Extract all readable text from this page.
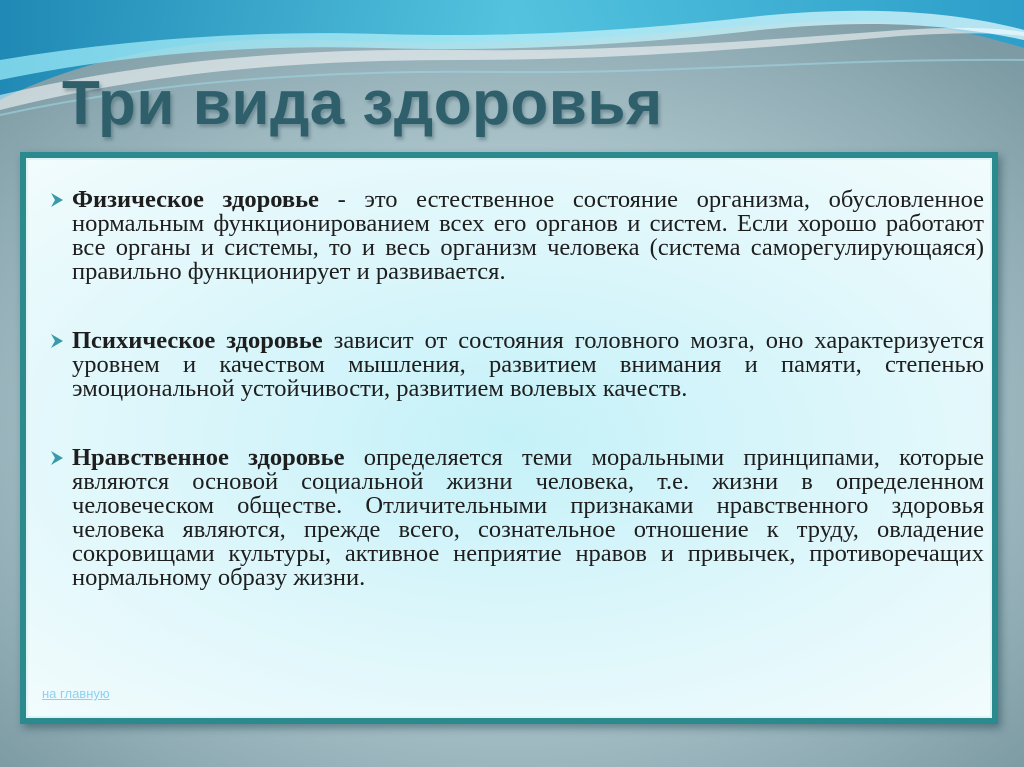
Три вида здоровья

Физическое здоровье - это естественное состояние организма, обусловленное нормальным функционированием всех его органов и систем. Если хорошо работают все органы и системы, то и весь организм человека (система саморегулирующаяся) правильно функционирует и развивается.

Психическое здоровье зависит от состояния головного мозга, оно характеризуется уровнем и качеством мышления, развитием внимания и памяти, степенью эмоциональной устойчивости, развитием волевых качеств.

Нравственное здоровье определяется теми моральными принципами, которые являются основой социальной жизни человека, т.е. жизни в определенном человеческом обществе. Отличительными признаками нравственного здоровья человека являются, прежде всего, сознательное отношение к труду, овладение сокровищами культуры, активное неприятие нравов и привычек, противоречащих нормальному образу жизни.

на главную
